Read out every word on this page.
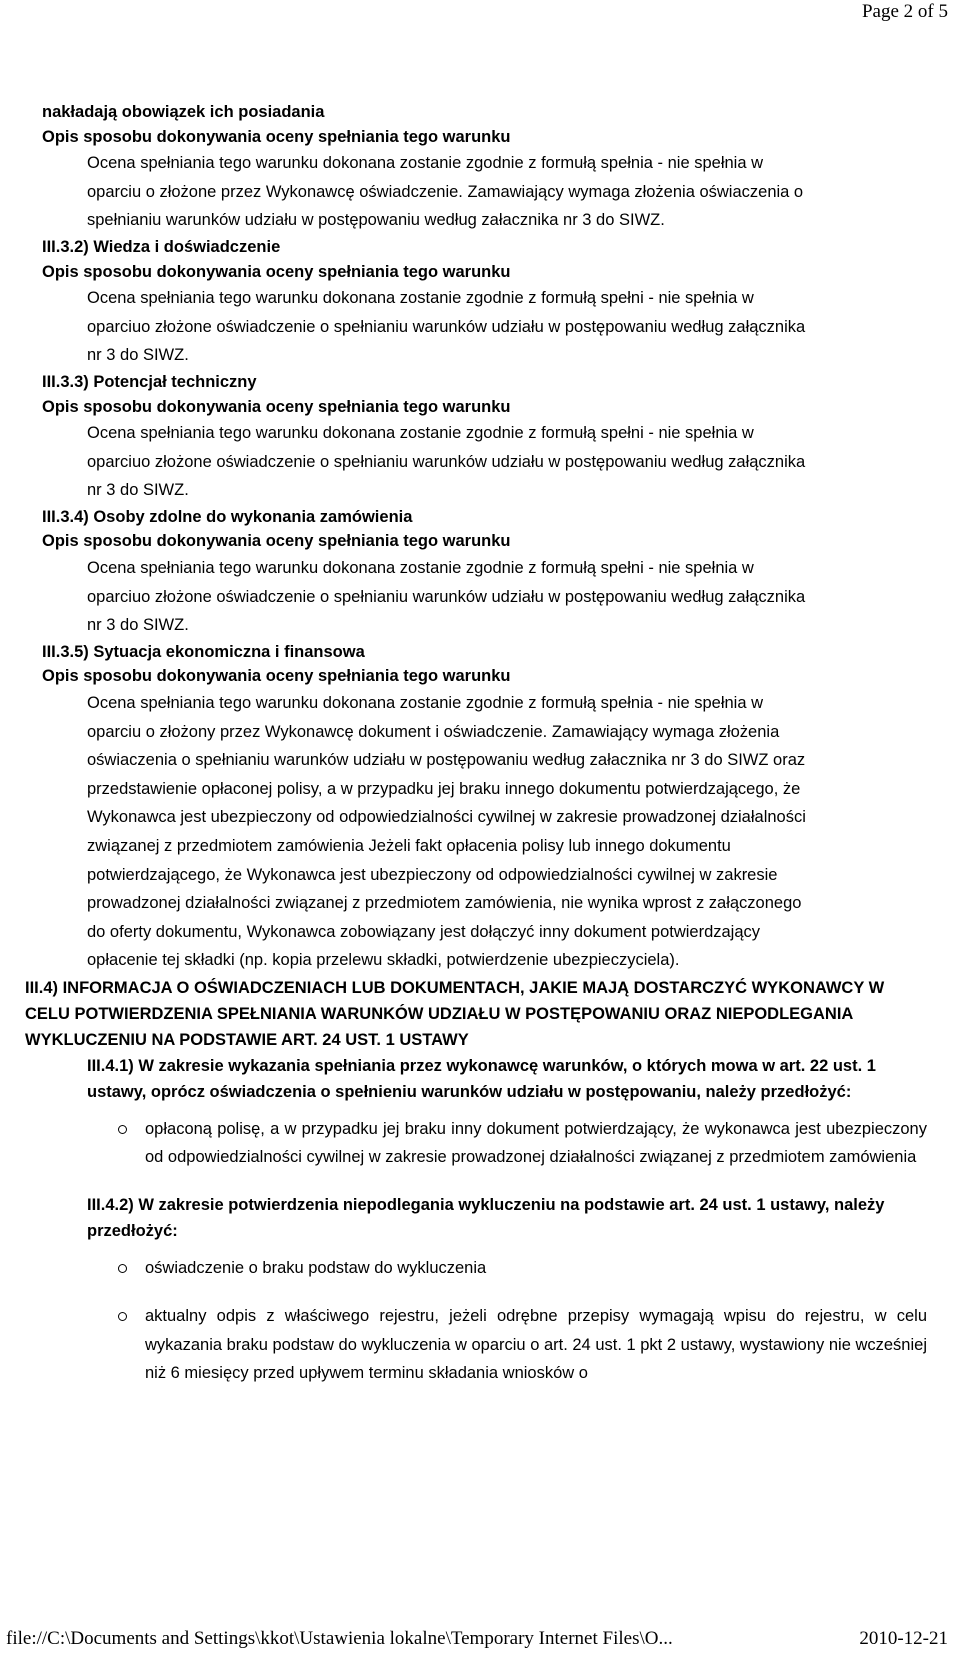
Page 2 of 5

nakładają obowiązek ich posiadania

Opis sposobu dokonywania oceny spełniania tego warunku

Ocena spełniania tego warunku dokonana zostanie zgodnie z formułą spełnia - nie spełnia w

oparciu o złożone przez Wykonawcę oświadczenie. Zamawiający wymaga złożenia oświaczenia o

spełnianiu warunków udziału w postępowaniu według załacznika nr 3 do SIWZ.

III.3.2) Wiedza i doświadczenie

Opis sposobu dokonywania oceny spełniania tego warunku

Ocena spełniania tego warunku dokonana zostanie zgodnie z formułą spełni - nie spełnia w

oparciuo złożone oświadczenie o spełnianiu warunków udziału w postępowaniu według załącznika

nr 3 do SIWZ.

III.3.3) Potencjał techniczny

Opis sposobu dokonywania oceny spełniania tego warunku

Ocena spełniania tego warunku dokonana zostanie zgodnie z formułą spełni - nie spełnia w

oparciuo złożone oświadczenie o spełnianiu warunków udziału w postępowaniu według załącznika

nr 3 do SIWZ.

III.3.4) Osoby zdolne do wykonania zamówienia

Opis sposobu dokonywania oceny spełniania tego warunku

Ocena spełniania tego warunku dokonana zostanie zgodnie z formułą spełni - nie spełnia w

oparciuo złożone oświadczenie o spełnianiu warunków udziału w postępowaniu według załącznika

nr 3 do SIWZ.

III.3.5) Sytuacja ekonomiczna i finansowa

Opis sposobu dokonywania oceny spełniania tego warunku

Ocena spełniania tego warunku dokonana zostanie zgodnie z formułą spełnia - nie spełnia w

oparciu o złożony przez Wykonawcę dokument i oświadczenie. Zamawiający wymaga złożenia

oświaczenia o spełnianiu warunków udziału w postępowaniu według załacznika nr 3 do SIWZ oraz

przedstawienie opłaconej polisy, a w przypadku jej braku innego dokumentu potwierdzającego, że

Wykonawca jest ubezpieczony od odpowiedzialności cywilnej w zakresie prowadzonej działalności

związanej z przedmiotem zamówienia Jeżeli fakt opłacenia polisy lub innego dokumentu

potwierdzającego, że Wykonawca jest ubezpieczony od odpowiedzialności cywilnej w zakresie

prowadzonej działalności związanej z przedmiotem zamówienia, nie wynika wprost z załączonego

do oferty dokumentu, Wykonawca zobowiązany jest dołączyć inny dokument potwierdzający

opłacenie tej składki (np. kopia przelewu składki, potwierdzenie ubezpieczyciela).

III.4) INFORMACJA O OŚWIADCZENIACH LUB DOKUMENTACH, JAKIE MAJĄ DOSTARCZYĆ WYKONAWCY W CELU POTWIERDZENIA SPEŁNIANIA WARUNKÓW UDZIAŁU W POSTĘPOWANIU ORAZ NIEPODLEGANIA WYKLUCZENIU NA PODSTAWIE ART. 24 UST. 1 USTAWY

III.4.1) W zakresie wykazania spełniania przez wykonawcę warunków, o których mowa w art. 22 ust. 1 ustawy, oprócz oświadczenia o spełnieniu warunków udziału w postępowaniu, należy przedłożyć:

opłaconą polisę, a w przypadku jej braku inny dokument potwierdzający, że wykonawca jest ubezpieczony od odpowiedzialności cywilnej w zakresie prowadzonej działalności związanej z przedmiotem zamówienia

III.4.2) W zakresie potwierdzenia niepodlegania wykluczeniu na podstawie art. 24 ust. 1 ustawy, należy przedłożyć:

oświadczenie o braku podstaw do wykluczenia
aktualny odpis z właściwego rejestru, jeżeli odrębne przepisy wymagają wpisu do rejestru, w celu wykazania braku podstaw do wykluczenia w oparciu o art. 24 ust. 1 pkt 2 ustawy, wystawiony nie wcześniej niż 6 miesięcy przed upływem terminu składania wniosków o
file://C:\Documents and Settings\kkot\Ustawienia lokalne\Temporary Internet Files\O...	2010-12-21
